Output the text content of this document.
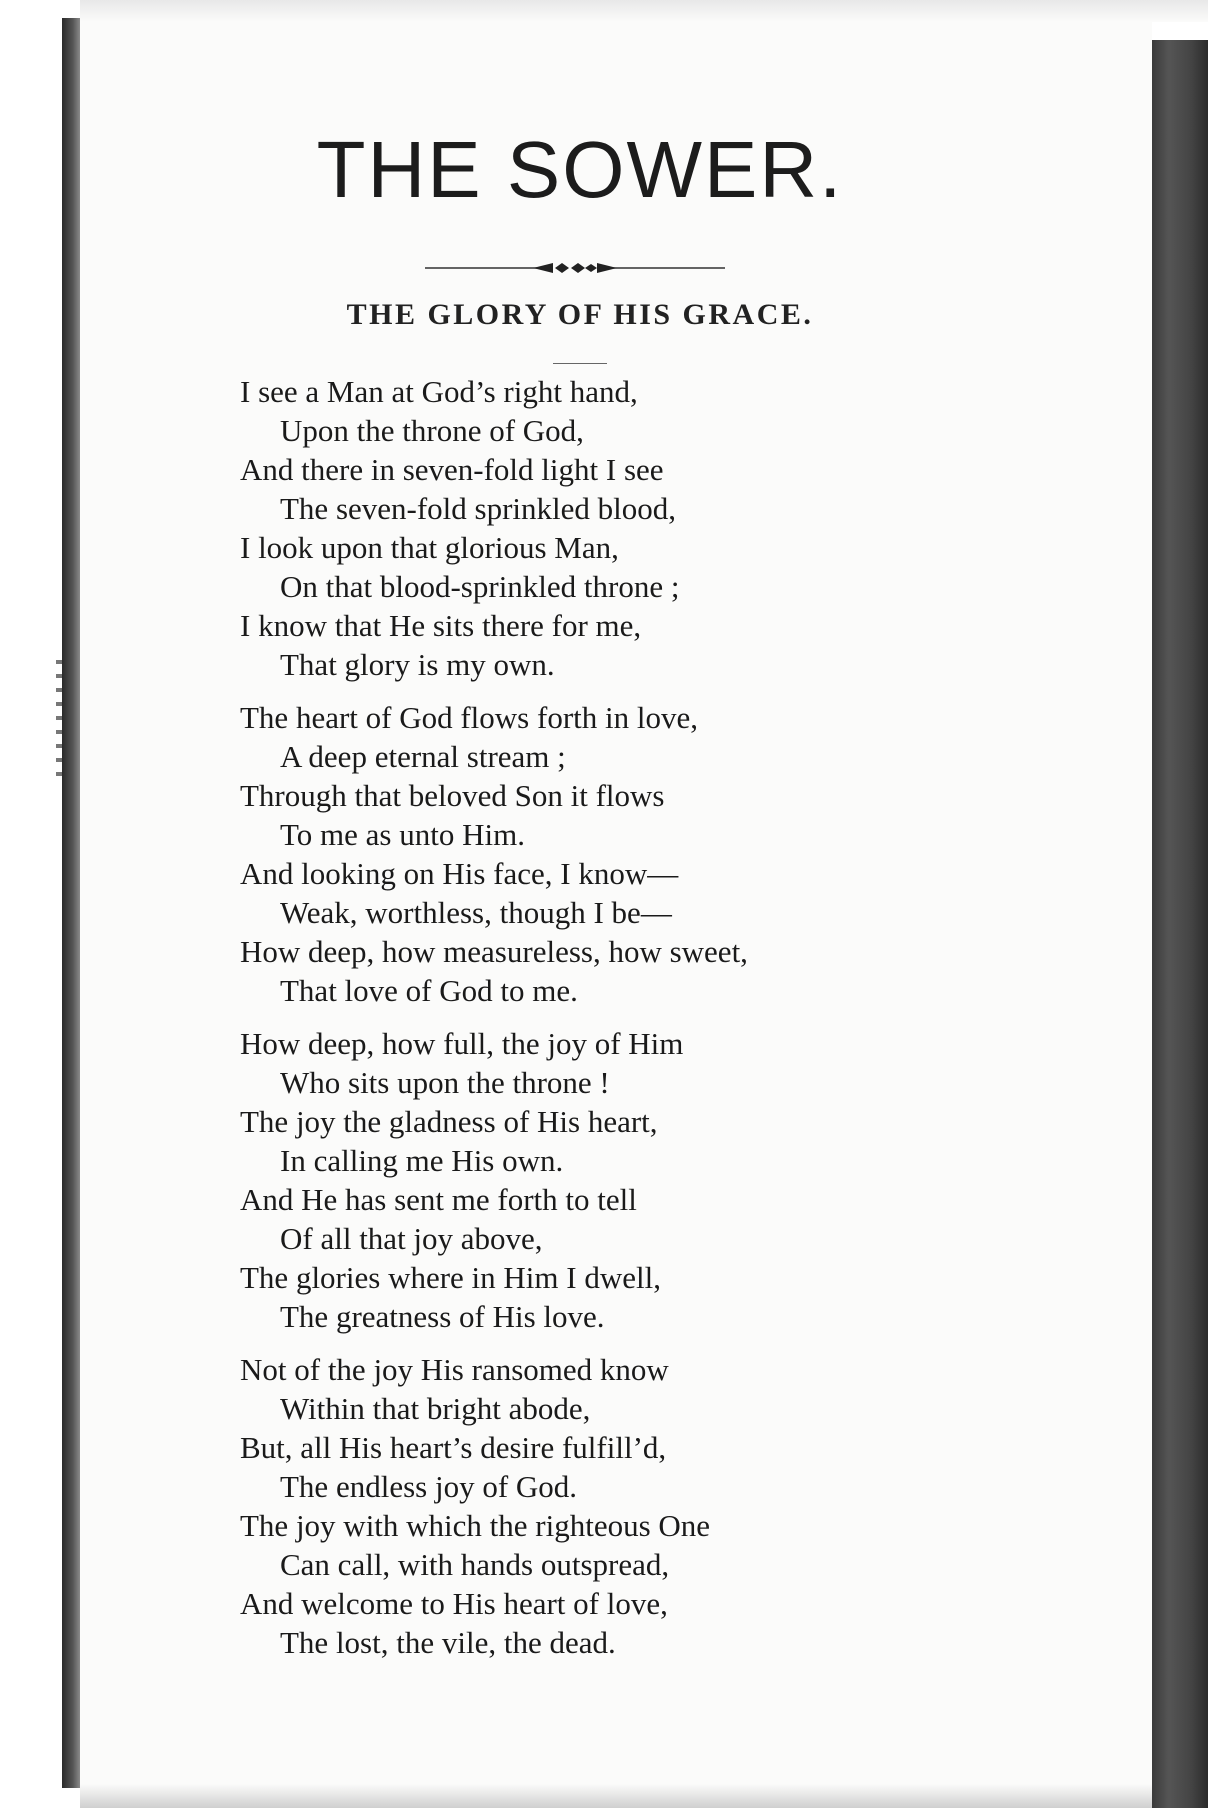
THE SOWER.
THE GLORY OF HIS GRACE.
I see a Man at God’s right hand,
Upon the throne of God,
And there in seven-fold light I see
The seven-fold sprinkled blood,
I look upon that glorious Man,
On that blood-sprinkled throne ;
I know that He sits there for me,
That glory is my own.
The heart of God flows forth in love,
A deep eternal stream ;
Through that beloved Son it flows
To me as unto Him.
And looking on His face, I know—
Weak, worthless, though I be—
How deep, how measureless, how sweet,
That love of God to me.
How deep, how full, the joy of Him
Who sits upon the throne !
The joy the gladness of His heart,
In calling me His own.
And He has sent me forth to tell
Of all that joy above,
The glories where in Him I dwell,
The greatness of His love.
Not of the joy His ransomed know
Within that bright abode,
But, all His heart’s desire fulfill’d,
The endless joy of God.
The joy with which the righteous One
Can call, with hands outspread,
And welcome to His heart of love,
The lost, the vile, the dead.
